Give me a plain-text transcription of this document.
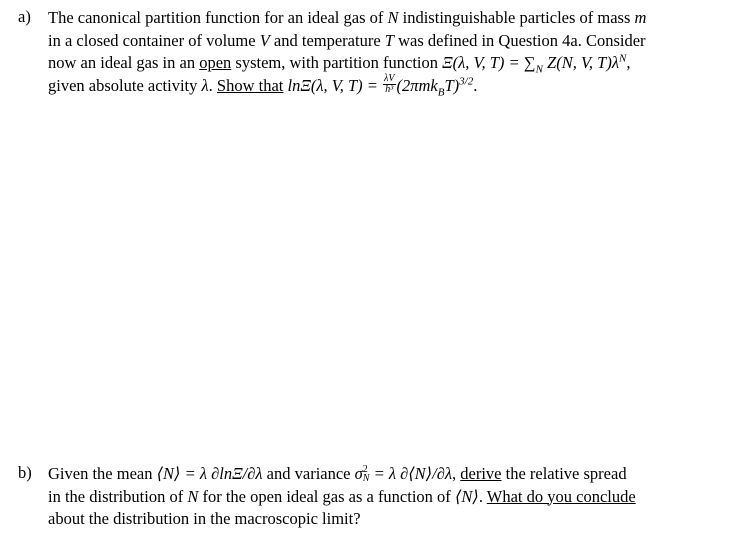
a)	The canonical partition function for an ideal gas of N indistinguishable particles of mass m
in a closed container of volume V and temperature T was defined in Question 4a. Consider
now an ideal gas in an open system, with partition function Ξ(λ, V, $T) = \sum_N$ Z(N, V, $T)\lambda^N$,
given absolute activity λ. Show that lnΞ(λ, V, $T) = \frac{\lambda V}{\text{h³}} (2\pi mk_BT)^{3/2}$.
b) Given the mean ⟨N⟩ = λ ∂lnΞ/∂λ and variance σ 2
N = λ ∂⟨N⟩/∂λ, derive the relative spread
in the distribution of N for the open ideal gas as a function of ⟨N⟩. What do you conclude
about the distribution in the macroscopic limit?
